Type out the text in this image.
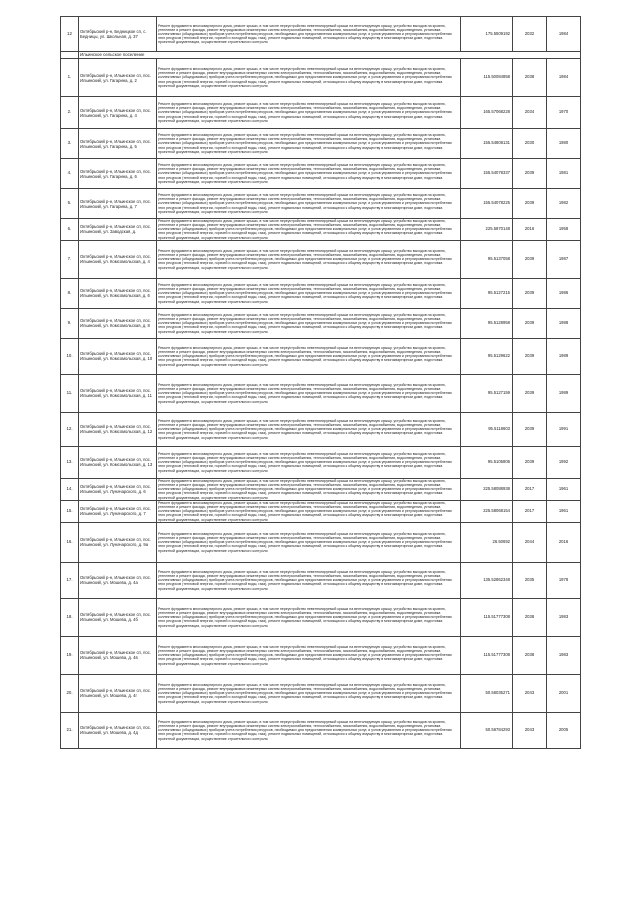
12	Октябрьский р-н, Бедницкое сп, с. Бедницы, ул. Школьная, д. 37	Ремонт фундамента многоквартирного дома, ремонт крыши, в том числе переустройство невентилируемой крыши на вентилируемую крышу, устройство выходов на кровлю, утепление и ремонт фасада, ремонт внутридомовых инженерных систем электроснабжения, теплоснабжения, газоснабжения, водоснабжения, водоотведения, установка коллективных (общедомовых) приборов учета потребления ресурсов, необходимых для предоставления коммунальных услуг, и узлов управления и регулирования потребления этих ресурсов (тепловой энергии, горячей и холодной воды, газа), ремонт подвальных помещений, относящихся к общему имуществу в многоквартирном доме, подготовка проектной документации, осуществление строительного контроля	175.5509192	2032	1984
	Ильинское сельское поселение				
1.	Октябрьский р-н, Ильинское сп, пос. Ильинский, ул. Гагарина, д. 2	Ремонт фундамента многоквартирного дома, ремонт крыши, в том числе переустройство невентилируемой крыши на вентилируемую крышу, устройство выходов на кровлю, утепление и ремонт фасада, ремонт внутридомовых инженерных систем электроснабжения, теплоснабжения, газоснабжения, водоснабжения, водоотведения, установка коллективных (общедомовых) приборов учета потребления ресурсов, необходимых для предоставления коммунальных услуг, и узлов управления и регулирования потребления этих ресурсов (тепловой энергии, горячей и холодной воды, газа), ремонт подвальных помещений, относящихся к общему имуществу в многоквартирном доме, подготовка проектной документации, осуществление строительного контроля	115.50084858	2038	1984
2.	Октябрьский р-н, Ильинское сп, пос. Ильинский, ул. Гагарина, д. 4	Ремонт фундамента многоквартирного дома, ремонт крыши, в том числе переустройство невентилируемой крыши на вентилируемую крышу, устройство выходов на кровлю, утепление и ремонт фасада, ремонт внутридомовых инженерных систем электроснабжения, теплоснабжения, газоснабжения, водоснабжения, водоотведения, установка коллективных (общедомовых) приборов учета потребления ресурсов, необходимых для предоставления коммунальных услуг, и узлов управления и регулирования потребления этих ресурсов (тепловой энергии, горячей и холодной воды, газа), ремонт подвальных помещений, относящихся к общему имуществу в многоквартирном доме, подготовка проектной документации, осуществление строительного контроля	165.57068228	2034	1970
3.	Октябрьский р-н, Ильинское сп, пос. Ильинский, ул. Гагарина, д. 5	Ремонт фундамента многоквартирного дома, ремонт крыши, в том числе переустройство невентилируемой крыши на вентилируемую крышу, устройство выходов на кровлю, утепление и ремонт фасада, ремонт внутридомовых инженерных систем электроснабжения, теплоснабжения, газоснабжения, водоснабжения, водоотведения, установка коллективных (общедомовых) приборов учета потребления ресурсов, необходимых для предоставления коммунальных услуг, и узлов управления и регулирования потребления этих ресурсов (тепловой энергии, горячей и холодной воды, газа), ремонт подвальных помещений, относящихся к общему имуществу в многоквартирном доме, подготовка проектной документации, осуществление строительного контроля	155.54808131	2030	1980
4.	Октябрьский р-н, Ильинское сп, пос. Ильинский, ул. Гагарина, д. 6	Ремонт фундамента многоквартирного дома, ремонт крыши, в том числе переустройство невентилируемой крыши на вентилируемую крышу, устройство выходов на кровлю, утепление и ремонт фасада, ремонт внутридомовых инженерных систем электроснабжения, теплоснабжения, газоснабжения, водоснабжения, водоотведения, установка коллективных (общедомовых) приборов учета потребления ресурсов, необходимых для предоставления коммунальных услуг, и узлов управления и регулирования потребления этих ресурсов (тепловой энергии, горячей и холодной воды, газа), ремонт подвальных помещений, относящихся к общему имуществу в многоквартирном доме, подготовка проектной документации, осуществление строительного контроля	155.54078337	2039	1981
5.	Октябрьский р-н, Ильинское сп, пос. Ильинский, ул. Гагарина, д. 7	Ремонт фундамента многоквартирного дома, ремонт крыши, в том числе переустройство невентилируемой крыши на вентилируемую крышу, устройство выходов на кровлю, утепление и ремонт фасада, ремонт внутридомовых инженерных систем электроснабжения, теплоснабжения, газоснабжения, водоснабжения, водоотведения, установка коллективных (общедомовых) приборов учета потребления ресурсов, необходимых для предоставления коммунальных услуг, и узлов управления и регулирования потребления этих ресурсов (тепловой энергии, горячей и холодной воды, газа), ремонт подвальных помещений, относящихся к общему имуществу в многоквартирном доме, подготовка проектной документации, осуществление строительного контроля	155.54078225	2039	1982
6.	Октябрьский р-н, Ильинское сп, пос. Ильинский, ул. Заводская, д.	Ремонт фундамента многоквартирного дома, ремонт крыши, в том числе переустройство невентилируемой крыши на вентилируемую крышу, устройство выходов на кровлю, утепление и ремонт фасада, ремонт внутридомовых инженерных систем электроснабжения, теплоснабжения, газоснабжения, водоснабжения, водоотведения, установка коллективных (общедомовых) приборов учета потребления ресурсов, необходимых для предоставления коммунальных услуг, и узлов управления и регулирования потребления этих ресурсов (тепловой энергии, горячей и холодной воды, газа), ремонт подвальных помещений, относящихся к общему имуществу в многоквартирном доме, подготовка проектной документации, осуществление строительного контроля	225.5870148	2016	1958
7.	Октябрьский р-н, Ильинское сп, пос. Ильинский, ул. Комсомольская, д. 4	Ремонт фундамента многоквартирного дома, ремонт крыши, в том числе переустройство невентилируемой крыши на вентилируемую крышу, устройство выходов на кровлю, утепление и ремонт фасада, ремонт внутридомовых инженерных систем электроснабжения, теплоснабжения, газоснабжения, водоснабжения, водоотведения, установка коллективных (общедомовых) приборов учета потребления ресурсов, необходимых для предоставления коммунальных услуг, и узлов управления и регулирования потребления этих ресурсов (тепловой энергии, горячей и холодной воды, газа), ремонт подвальных помещений, относящихся к общему имуществу в многоквартирном доме, подготовка проектной документации, осуществление строительного контроля	95.5137058	2039	1987
8.	Октябрьский р-н, Ильинское сп, пос. Ильинский, ул. Комсомольская, д. 6	Ремонт фундамента многоквартирного дома, ремонт крыши, в том числе переустройство невентилируемой крыши на вентилируемую крышу, устройство выходов на кровлю, утепление и ремонт фасада, ремонт внутридомовых инженерных систем электроснабжения, теплоснабжения, газоснабжения, водоснабжения, водоотведения, установка коллективных (общедомовых) приборов учета потребления ресурсов, необходимых для предоставления коммунальных услуг, и узлов управления и регулирования потребления этих ресурсов (тепловой энергии, горячей и холодной воды, газа), ремонт подвальных помещений, относящихся к общему имуществу в многоквартирном доме, подготовка проектной документации, осуществление строительного контроля	95.5127215	2039	1986
9.	Октябрьский р-н, Ильинское сп, пос. Ильинский, ул. Комсомольская, д. 8	Ремонт фундамента многоквартирного дома, ремонт крыши, в том числе переустройство невентилируемой крыши на вентилируемую крышу, устройство выходов на кровлю, утепление и ремонт фасада, ремонт внутридомовых инженерных систем электроснабжения, теплоснабжения, газоснабжения, водоснабжения, водоотведения, установка коллективных (общедомовых) приборов учета потребления ресурсов, необходимых для предоставления коммунальных услуг, и узлов управления и регулирования потребления этих ресурсов (тепловой энергии, горячей и холодной воды, газа), ремонт подвальных помещений, относящихся к общему имуществу в многоквартирном доме, подготовка проектной документации, осуществление строительного контроля	95.5128958	2039	1988
10.	Октябрьский р-н, Ильинское сп, пос. Ильинский, ул. Комсомольская, д. 10	Ремонт фундамента многоквартирного дома, ремонт крыши, в том числе переустройство невентилируемой крыши на вентилируемую крышу, устройство выходов на кровлю, утепление и ремонт фасада, ремонт внутридомовых инженерных систем электроснабжения, теплоснабжения, газоснабжения, водоснабжения, водоотведения, установка коллективных (общедомовых) приборов учета потребления ресурсов, необходимых для предоставления коммунальных услуг, и узлов управления и регулирования потребления этих ресурсов (тепловой энергии, горячей и холодной воды, газа), ремонт подвальных помещений, относящихся к общему имуществу в многоквартирном доме, подготовка проектной документации, осуществление строительного контроля	95.5129622	2039	1989
11.	Октябрьский р-н, Ильинское сп, пос. Ильинский, ул. Комсомольская, д. 11	Ремонт фундамента многоквартирного дома, ремонт крыши, в том числе переустройство невентилируемой крыши на вентилируемую крышу, устройство выходов на кровлю, утепление и ремонт фасада, ремонт внутридомовых инженерных систем электроснабжения, теплоснабжения, газоснабжения, водоснабжения, водоотведения, установка коллективных (общедомовых) приборов учета потребления ресурсов, необходимых для предоставления коммунальных услуг, и узлов управления и регулирования потребления этих ресурсов (тепловой энергии, горячей и холодной воды, газа), ремонт подвальных помещений, относящихся к общему имуществу в многоквартирном доме, подготовка проектной документации, осуществление строительного контроля	95.5127159	2039	1989
12.	Октябрьский р-н, Ильинское сп, пос. Ильинский, ул. Комсомольская, д. 12	Ремонт фундамента многоквартирного дома, ремонт крыши, в том числе переустройство невентилируемой крыши на вентилируемую крышу, устройство выходов на кровлю, утепление и ремонт фасада, ремонт внутридомовых инженерных систем электроснабжения, теплоснабжения, газоснабжения, водоснабжения, водоотведения, установка коллективных (общедомовых) приборов учета потребления ресурсов, необходимых для предоставления коммунальных услуг, и узлов управления и регулирования потребления этих ресурсов (тепловой энергии, горячей и холодной воды, газа), ремонт подвальных помещений, относящихся к общему имуществу в многоквартирном доме, подготовка проектной документации, осуществление строительного контроля	95.5118603	2039	1991
13.	Октябрьский р-н, Ильинское сп, пос. Ильинский, ул. Комсомольская, д. 13	Ремонт фундамента многоквартирного дома, ремонт крыши, в том числе переустройство невентилируемой крыши на вентилируемую крышу, устройство выходов на кровлю, утепление и ремонт фасада, ремонт внутридомовых инженерных систем электроснабжения, теплоснабжения, газоснабжения, водоснабжения, водоотведения, установка коллективных (общедомовых) приборов учета потребления ресурсов, необходимых для предоставления коммунальных услуг, и узлов управления и регулирования потребления этих ресурсов (тепловой энергии, горячей и холодной воды, газа), ремонт подвальных помещений, относящихся к общему имуществу в многоквартирном доме, подготовка проектной документации, осуществление строительного контроля	95.5105806	2039	1992
14.	Октябрьский р-н, Ильинское сп, пос. Ильинский, ул. Луначарского, д. 6	Ремонт фундамента многоквартирного дома, ремонт крыши, в том числе переустройство невентилируемой крыши на вентилируемую крышу, устройство выходов на кровлю, утепление и ремонт фасада, ремонт внутридомовых инженерных систем электроснабжения, теплоснабжения, газоснабжения, водоснабжения, водоотведения, установка коллективных (общедомовых) приборов учета потребления ресурсов, необходимых для предоставления коммунальных услуг, и узлов управления и регулирования потребления этих ресурсов (тепловой энергии, горячей и холодной воды, газа), ремонт подвальных помещений, относящихся к общему имуществу в многоквартирном доме, подготовка проектной документации, осуществление строительного контроля	225.58088938	2017	1961
15.	Октябрьский р-н, Ильинское сп, пос. Ильинский, ул. Луначарского, д. 7	Ремонт фундамента многоквартирного дома, ремонт крыши, в том числе переустройство невентилируемой крыши на вентилируемую крышу, устройство выходов на кровлю, утепление и ремонт фасада, ремонт внутридомовых инженерных систем электроснабжения, теплоснабжения, газоснабжения, водоснабжения, водоотведения, установка коллективных (общедомовых) приборов учета потребления ресурсов, необходимых для предоставления коммунальных услуг, и узлов управления и регулирования потребления этих ресурсов (тепловой энергии, горячей и холодной воды, газа), ремонт подвальных помещений, относящихся к общему имуществу в многоквартирном доме, подготовка проектной документации, осуществление строительного контроля	225.58068154	2017	1961
16.	Октябрьский р-н, Ильинское сп, пос. Ильинский, ул. Луначарского, д. 9а	Ремонт фундамента многоквартирного дома, ремонт крыши, в том числе переустройство невентилируемой крыши на вентилируемую крышу, устройство выходов на кровлю, утепление и ремонт фасада, ремонт внутридомовых инженерных систем электроснабжения, теплоснабжения, газоснабжения, водоснабжения, водоотведения, установка коллективных (общедомовых) приборов учета потребления ресурсов, необходимых для предоставления коммунальных услуг, и узлов управления и регулирования потребления этих ресурсов (тепловой энергии, горячей и холодной воды, газа), ремонт подвальных помещений, относящихся к общему имуществу в многоквартирном доме, подготовка проектной документации, осуществление строительного контроля	26.50692	2044	2016
17.	Октябрьский р-н, Ильинское сп, пос. Ильинский, ул. Мошева, д. 4а	Ремонт фундамента многоквартирного дома, ремонт крыши, в том числе переустройство невентилируемой крыши на вентилируемую крышу, устройство выходов на кровлю, утепление и ремонт фасада, ремонт внутридомовых инженерных систем электроснабжения, теплоснабжения, газоснабжения, водоснабжения, водоотведения, установка коллективных (общедомовых) приборов учета потребления ресурсов, необходимых для предоставления коммунальных услуг, и узлов управления и регулирования потребления этих ресурсов (тепловой энергии, горячей и холодной воды, газа), ремонт подвальных помещений, относящихся к общему имуществу в многоквартирном доме, подготовка проектной документации, осуществление строительного контроля	135.52862348	2035	1978
18.	Октябрьский р-н, Ильинское сп, пос. Ильинский, ул. Мошева, д. 4б	Ремонт фундамента многоквартирного дома, ремонт крыши, в том числе переустройство невентилируемой крыши на вентилируемую крышу, устройство выходов на кровлю, утепление и ремонт фасада, ремонт внутридомовых инженерных систем электроснабжения, теплоснабжения, газоснабжения, водоснабжения, водоотведения, установка коллективных (общедомовых) приборов учета потребления ресурсов, необходимых для предоставления коммунальных услуг, и узлов управления и регулирования потребления этих ресурсов (тепловой энергии, горячей и холодной воды, газа), ремонт подвальных помещений, относящихся к общему имуществу в многоквартирном доме, подготовка проектной документации, осуществление строительного контроля	115.51777308	2038	1983
19.	Октябрьский р-н, Ильинское сп, пос. Ильинский, ул. Мошева, д. 4в	Ремонт фундамента многоквартирного дома, ремонт крыши, в том числе переустройство невентилируемой крыши на вентилируемую крышу, устройство выходов на кровлю, утепление и ремонт фасада, ремонт внутридомовых инженерных систем электроснабжения, теплоснабжения, газоснабжения, водоснабжения, водоотведения, установка коллективных (общедомовых) приборов учета потребления ресурсов, необходимых для предоставления коммунальных услуг, и узлов управления и регулирования потребления этих ресурсов (тепловой энергии, горячей и холодной воды, газа), ремонт подвальных помещений, относящихся к общему имуществу в многоквартирном доме, подготовка проектной документации, осуществление строительного контроля	115.51777308	2038	1983
20.	Октябрьский р-н, Ильинское сп, пос. Ильинский, ул. Мошева, д. 4г	Ремонт фундамента многоквартирного дома, ремонт крыши, в том числе переустройство невентилируемой крыши на вентилируемую крышу, устройство выходов на кровлю, утепление и ремонт фасада, ремонт внутридомовых инженерных систем электроснабжения, теплоснабжения, газоснабжения, водоснабжения, водоотведения, установка коллективных (общедомовых) приборов учета потребления ресурсов, необходимых для предоставления коммунальных услуг, и узлов управления и регулирования потребления этих ресурсов (тепловой энергии, горячей и холодной воды, газа), ремонт подвальных помещений, относящихся к общему имуществу в многоквартирном доме, подготовка проектной документации, осуществление строительного контроля	50.56035271	2043	2001
21.	Октябрьский р-н, Ильинское сп, пос. Ильинский, ул. Мошева, д. 4д	Ремонт фундамента многоквартирного дома, ремонт крыши, в том числе переустройство невентилируемой крыши на вентилируемую крышу, устройство выходов на кровлю, утепление и ремонт фасада, ремонт внутридомовых инженерных систем электроснабжения, теплоснабжения, газоснабжения, водоснабжения, водоотведения, установка коллективных (общедомовых) приборов учета потребления ресурсов, необходимых для предоставления коммунальных услуг, и узлов управления и регулирования потребления этих ресурсов (тепловой энергии, горячей и холодной воды, газа), ремонт подвальных помещений, относящихся к общему имуществу в многоквартирном доме, подготовка проектной документации, осуществление строительного контроля	50.56784293	2043	2005
